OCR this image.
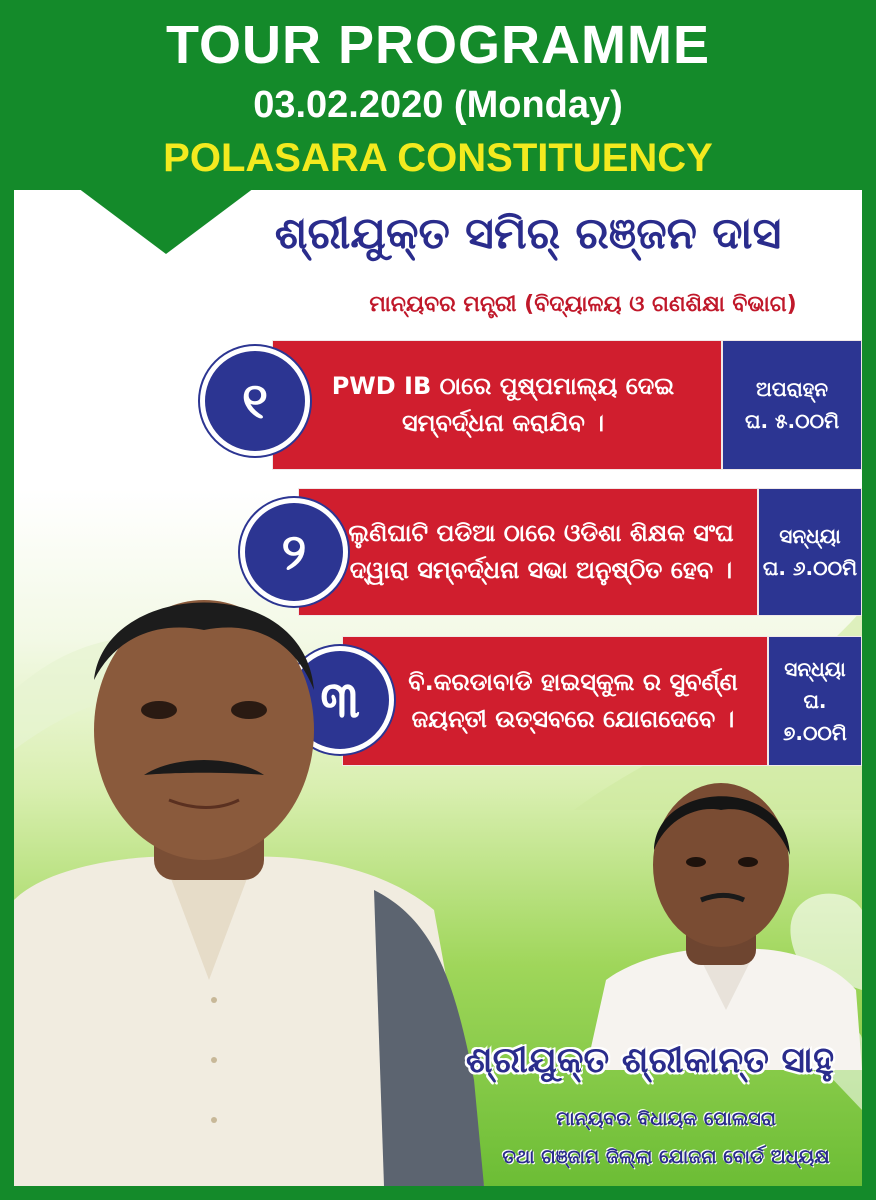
TOUR PROGRAMME
03.02.2020 (Monday)
POLASARA CONSTITUENCY
ଶ୍ରୀଯୁକ୍ତ ସମିର୍ ରଞ୍ଜନ ଦାସ
ମାନ୍ୟବର ମନ୍ତ୍ରୀ (ବିଦ୍ୟାଳୟ ଓ ଗଣଶିକ୍ଷା ବିଭାଗ)
PWD IB ଠାରେ ପୁଷ୍ପମାଲ୍ୟ ଦେଇ ସମ୍ବର୍ଦ୍ଧନା କରାଯିବ ।
ଅପରାହ୍ନ
ଘ. ୫.୦୦ମି
୧
ଲୁଣିଘାଟି ପଡିଆ ଠାରେ ଓଡିଶା ଶିକ୍ଷକ ସଂଘ ଦ୍ୱାରା ସମ୍ବର୍ଦ୍ଧନା ସଭା ଅନୁଷ୍ଠିତ ହେବ ।
ସନ୍ଧ୍ୟା
ଘ. ୬.୦୦ମି
୨
ବି.କରଡାବାଡି ହାଇସ୍କୁଲ ର ସୁବର୍ଣ୍ଣ ଜୟନ୍ତୀ ଉତ୍ସବରେ ଯୋଗଦେବେ ।
ସନ୍ଧ୍ୟା
ଘ. ୭.୦୦ମି
୩
ଶ୍ରୀଯୁକ୍ତ ଶ୍ରୀକାନ୍ତ ସାହୁ
ମାନ୍ୟବର ବିଧାୟକ ପୋଲସରା
ତଥା ଗଞ୍ଜାମ ଜିଲ୍ଲା ଯୋଜନା ବୋର୍ଡ ଅଧ୍ୟକ୍ଷ
